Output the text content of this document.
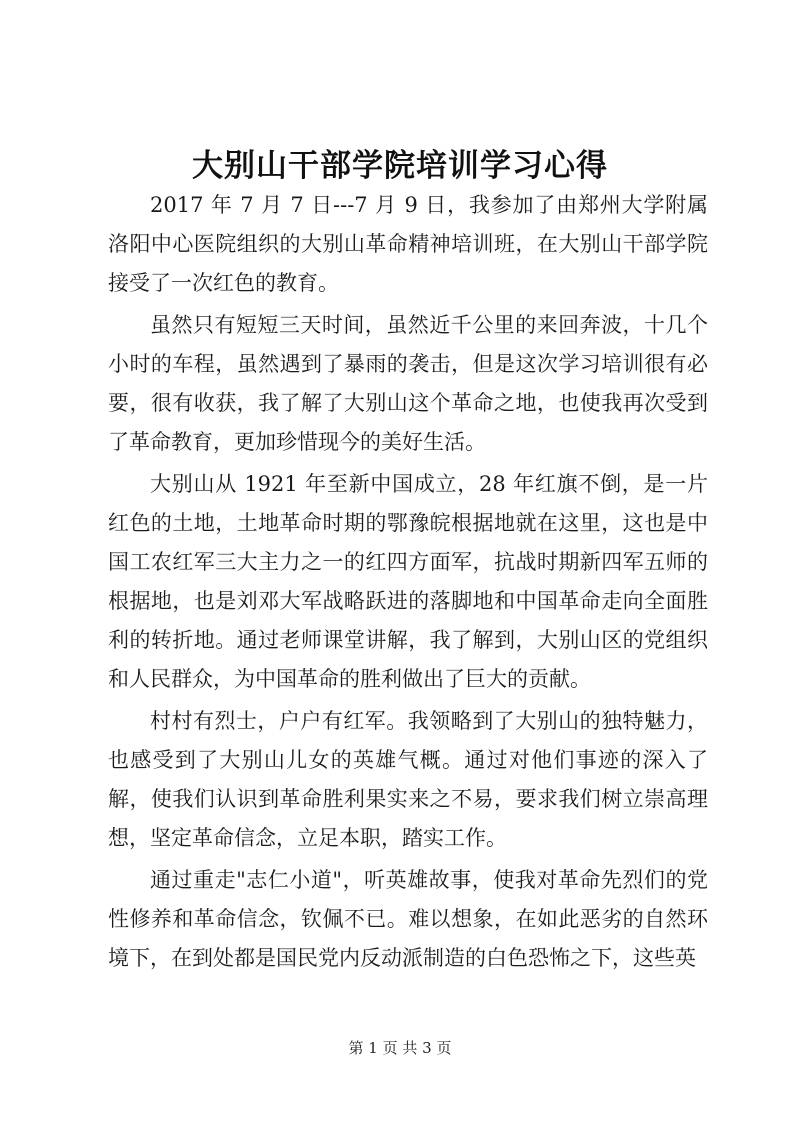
大别山干部学院培训学习心得

2017 年 7 月 7 日---7 月 9 日，我参加了由郑州大学附属洛阳中心医院组织的大别山革命精神培训班，在大别山干部学院接受了一次红色的教育。

虽然只有短短三天时间，虽然近千公里的来回奔波，十几个小时的车程，虽然遇到了暴雨的袭击，但是这次学习培训很有必要，很有收获，我了解了大别山这个革命之地，也使我再次受到了革命教育，更加珍惜现今的美好生活。

大别山从 1921 年至新中国成立，28 年红旗不倒，是一片红色的土地，土地革命时期的鄂豫皖根据地就在这里，这也是中国工农红军三大主力之一的红四方面军，抗战时期新四军五师的根据地，也是刘邓大军战略跃进的落脚地和中国革命走向全面胜利的转折地。通过老师课堂讲解，我了解到，大别山区的党组织和人民群众，为中国革命的胜利做出了巨大的贡献。

村村有烈士，户户有红军。我领略到了大别山的独特魅力，也感受到了大别山儿女的英雄气概。通过对他们事迹的深入了解，使我们认识到革命胜利果实来之不易，要求我们树立崇高理想，坚定革命信念，立足本职，踏实工作。

通过重走"志仁小道"，听英雄故事，使我对革命先烈们的党性修养和革命信念，钦佩不已。难以想象，在如此恶劣的自然环境下，在到处都是国民党内反动派制造的白色恐怖之下，这些英

第 1 页 共 3 页
